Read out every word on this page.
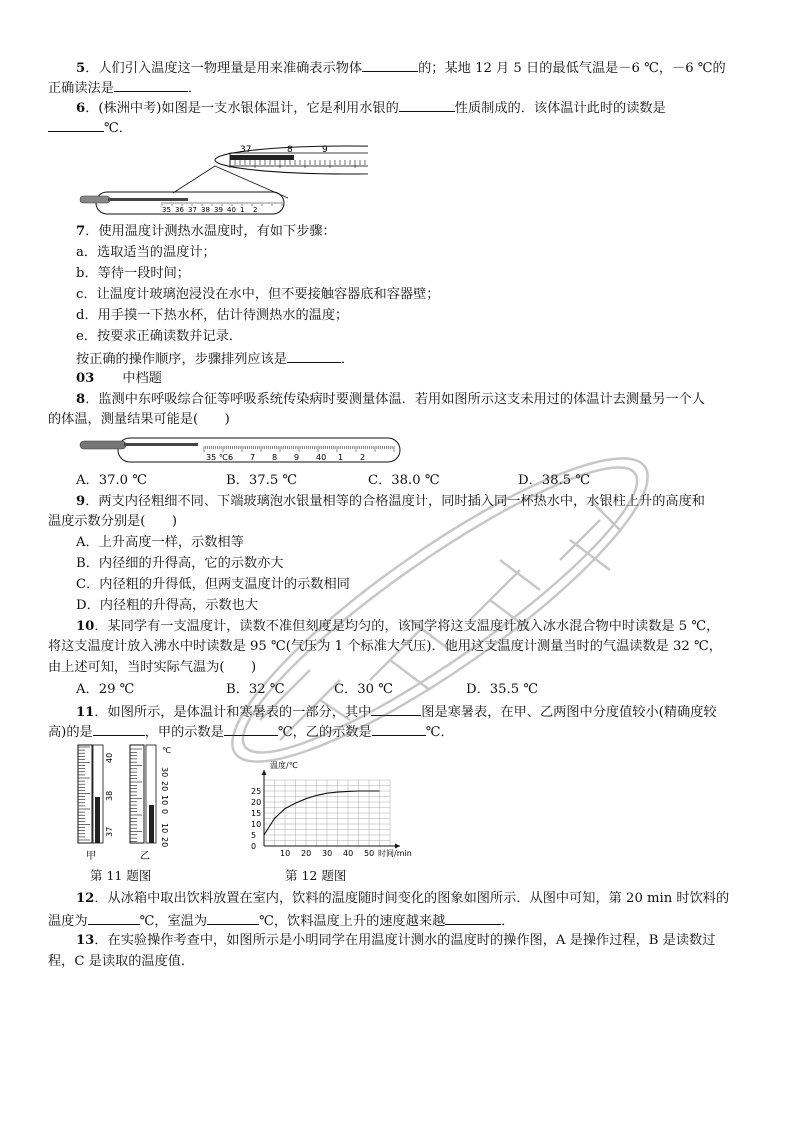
5．人们引入温度这一物理量是用来准确表示物体	的；某地 12 月 5 日的最低气温是－6 ℃，－6 ℃的
正确读法是	．
6．(株洲中考)如图是一支水银体温计，它是利用水银的	性质制成的．该体温计此时的读数是
℃．
37	8	9
35 36 37 38 39 40 1 2
7．使用温度计测热水温度时，有如下步骤：
a．选取适当的温度计；
b．等待一段时间；
c．让温度计玻璃泡浸没在水中，但不要接触容器底和容器壁；
d．用手摸一下热水杯，估计待测热水的温度；
e．按要求正确读数并记录．
按正确的操作顺序，步骤排列应该是	．
03 中档题
8．监测中东呼吸综合征等呼吸系统传染病时要测量体温．若用如图所示这支未用过的体温计去测量另一个人
的体温，测量结果可能是(　　)
35 ℃ 6 7 8 9 40 1 2
A．37.0 ℃	B．37.5 ℃	C．38.0 ℃	D．38.5 ℃
9．两支内径粗细不同、下端玻璃泡水银量相等的合格温度计，同时插入同一杯热水中，水银柱上升的高度和
温度示数分别是(　　)
A．上升高度一样，示数相等
B．内径细的升得高，它的示数亦大
C．内径粗的升得低，但两支温度计的示数相同
D．内径粗的升得高，示数也大
10．某同学有一支温度计，读数不准但刻度是均匀的，该同学将这支温度计放入冰水混合物中时读数是 5 ℃，
将这支温度计放入沸水中时读数是 95 ℃(气压为 1 个标准大气压)．他用这支温度计测量当时的气温读数是 32 ℃，
由上述可知，当时实际气温为(　　)
A．29 ℃	B．32 ℃	C．30 ℃	D．35.5 ℃
11．如图所示，是体温计和寒暑表的一部分，其中	图是寒暑表，在甲、乙两图中分度值较小(精确度较
高)的是	，甲的示数是	℃，乙的示数是	℃．
40
38
37
甲
℃
30
20
10
0
10
20
乙
第 11 题图
10 20 30 40 50
0
5
10
15
20
25
时间/min
温度/℃
第 12 题图
12．从冰箱中取出饮料放置在室内，饮料的温度随时间变化的图象如图所示．从图中可知，第 20 min 时饮料的
温度为	℃，室温为	℃，饮料温度上升的速度越来越	．
13．在实验操作考查中，如图所示是小明同学在用温度计测水的温度时的操作图，A 是操作过程，B 是读数过
程，C 是读取的温度值．
